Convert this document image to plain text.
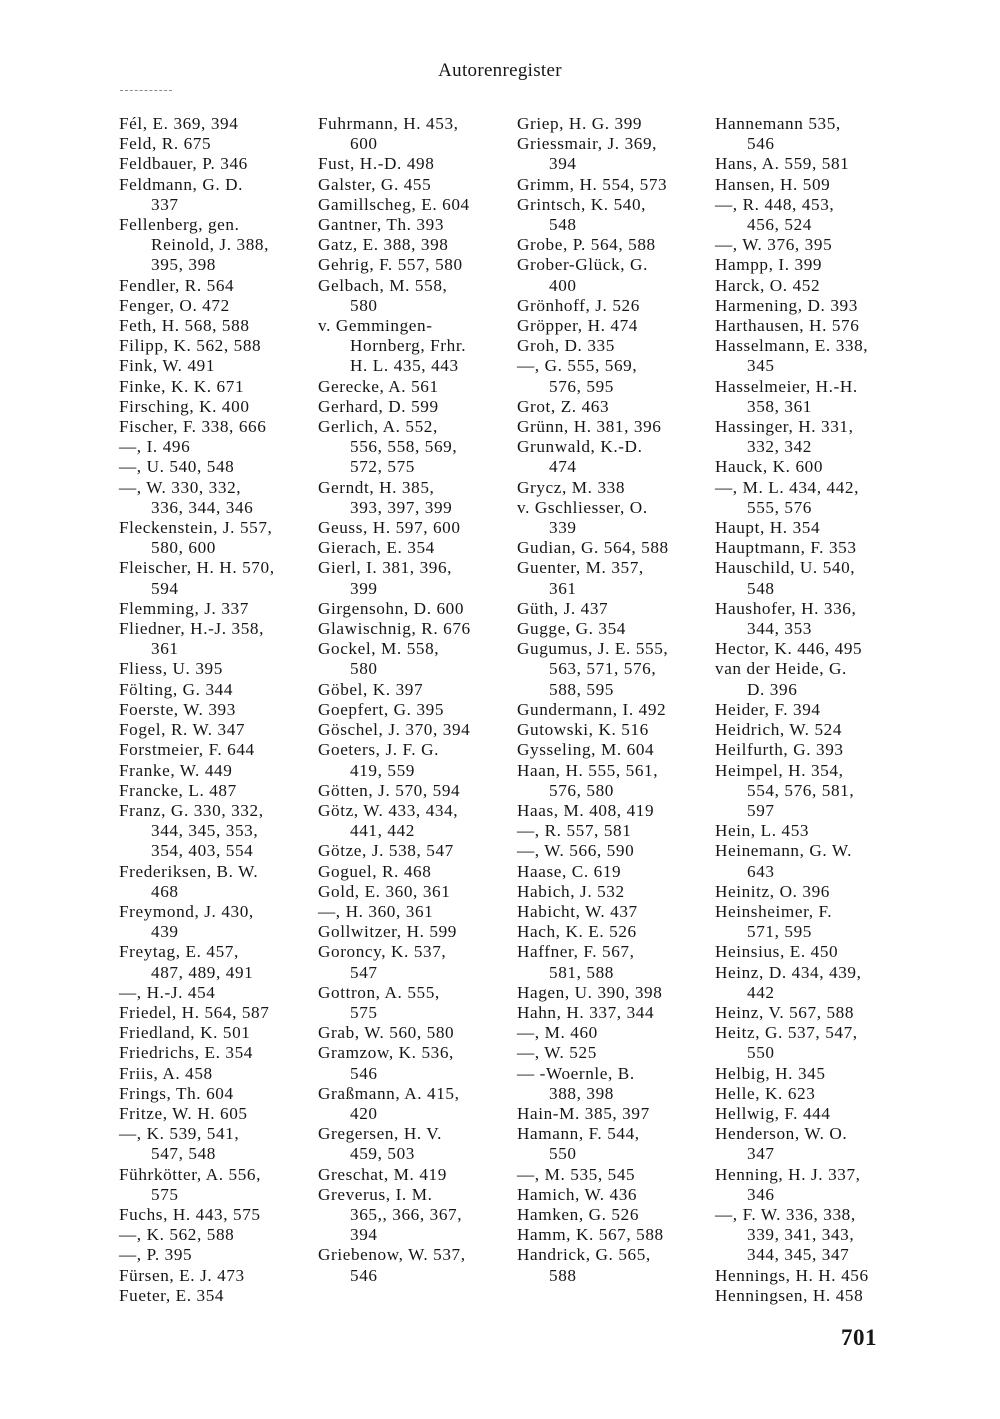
Autorenregister
Fél, E. 369, 394
Feld, R. 675
Feldbauer, P. 346
Feldmann, G. D.
337
Fellenberg, gen.
Reinold, J. 388,
395, 398
Fendler, R. 564
Fenger, O. 472
Feth, H. 568, 588
Filipp, K. 562, 588
Fink, W. 491
Finke, K. K. 671
Firsching, K. 400
Fischer, F. 338, 666
—, I. 496
—, U. 540, 548
—, W. 330, 332,
336, 344, 346
Fleckenstein, J. 557,
580, 600
Fleischer, H. H. 570,
594
Flemming, J. 337
Fliedner, H.-J. 358,
361
Fliess, U. 395
Fölting, G. 344
Foerste, W. 393
Fogel, R. W. 347
Forstmeier, F. 644
Franke, W. 449
Francke, L. 487
Franz, G. 330, 332,
344, 345, 353,
354, 403, 554
Frederiksen, B. W.
468
Freymond, J. 430,
439
Freytag, E. 457,
487, 489, 491
—, H.-J. 454
Friedel, H. 564, 587
Friedland, K. 501
Friedrichs, E. 354
Friis, A. 458
Frings, Th. 604
Fritze, W. H. 605
—, K. 539, 541,
547, 548
Führkötter, A. 556,
575
Fuchs, H. 443, 575
—, K. 562, 588
—, P. 395
Fürsen, E. J. 473
Fueter, E. 354
Fuhrmann, H. 453,
600
Fust, H.-D. 498
Galster, G. 455
Gamillscheg, E. 604
Gantner, Th. 393
Gatz, E. 388, 398
Gehrig, F. 557, 580
Gelbach, M. 558,
580
v. Gemmingen-
Hornberg, Frhr.
H. L. 435, 443
Gerecke, A. 561
Gerhard, D. 599
Gerlich, A. 552,
556, 558, 569,
572, 575
Gerndt, H. 385,
393, 397, 399
Geuss, H. 597, 600
Gierach, E. 354
Gierl, I. 381, 396,
399
Girgensohn, D. 600
Glawischnig, R. 676
Gockel, M. 558,
580
Göbel, K. 397
Goepfert, G. 395
Göschel, J. 370, 394
Goeters, J. F. G.
419, 559
Götten, J. 570, 594
Götz, W. 433, 434,
441, 442
Götze, J. 538, 547
Goguel, R. 468
Gold, E. 360, 361
—, H. 360, 361
Gollwitzer, H. 599
Goroncy, K. 537,
547
Gottron, A. 555,
575
Grab, W. 560, 580
Gramzow, K. 536,
546
Graßmann, A. 415,
420
Gregersen, H. V.
459, 503
Greschat, M. 419
Greverus, I. M.
365,, 366, 367,
394
Griebenow, W. 537,
546
Griep, H. G. 399
Griessmair, J. 369,
394
Grimm, H. 554, 573
Grintsch, K. 540,
548
Grobe, P. 564, 588
Grober-Glück, G.
400
Grönhoff, J. 526
Gröpper, H. 474
Groh, D. 335
—, G. 555, 569,
576, 595
Grot, Z. 463
Grünn, H. 381, 396
Grunwald, K.-D.
474
Grycz, M. 338
v. Gschliesser, O.
339
Gudian, G. 564, 588
Guenter, M. 357,
361
Güth, J. 437
Gugge, G. 354
Gugumus, J. E. 555,
563, 571, 576,
588, 595
Gundermann, I. 492
Gutowski, K. 516
Gysseling, M. 604
Haan, H. 555, 561,
576, 580
Haas, M. 408, 419
—, R. 557, 581
—, W. 566, 590
Haase, C. 619
Habich, J. 532
Habicht, W. 437
Hach, K. E. 526
Haffner, F. 567,
581, 588
Hagen, U. 390, 398
Hahn, H. 337, 344
—, M. 460
—, W. 525
— -Woernle, B.
388, 398
Hain-M. 385, 397
Hamann, F. 544,
550
—, M. 535, 545
Hamich, W. 436
Hamken, G. 526
Hamm, K. 567, 588
Handrick, G. 565,
588
Hannemann 535,
546
Hans, A. 559, 581
Hansen, H. 509
—, R. 448, 453,
456, 524
—, W. 376, 395
Hampp, I. 399
Harck, O. 452
Harmening, D. 393
Harthausen, H. 576
Hasselmann, E. 338,
345
Hasselmeier, H.-H.
358, 361
Hassinger, H. 331,
332, 342
Hauck, K. 600
—, M. L. 434, 442,
555, 576
Haupt, H. 354
Hauptmann, F. 353
Hauschild, U. 540,
548
Haushofer, H. 336,
344, 353
Hector, K. 446, 495
van der Heide, G.
D. 396
Heider, F. 394
Heidrich, W. 524
Heilfurth, G. 393
Heimpel, H. 354,
554, 576, 581,
597
Hein, L. 453
Heinemann, G. W.
643
Heinitz, O. 396
Heinsheimer, F.
571, 595
Heinsius, E. 450
Heinz, D. 434, 439,
442
Heinz, V. 567, 588
Heitz, G. 537, 547,
550
Helbig, H. 345
Helle, K. 623
Hellwig, F. 444
Henderson, W. O.
347
Henning, H. J. 337,
346
—, F. W. 336, 338,
339, 341, 343,
344, 345, 347
Hennings, H. H. 456
Henningsen, H. 458
701
